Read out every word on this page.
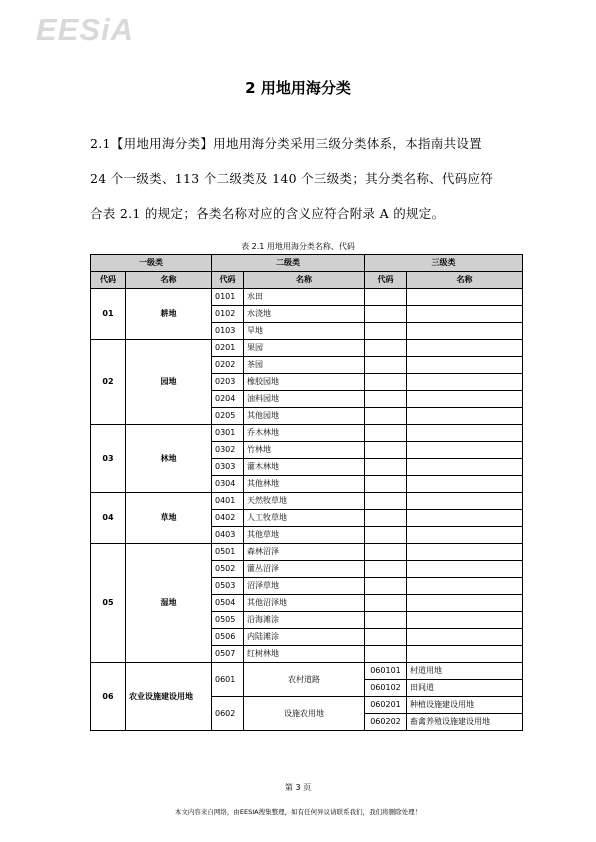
EESiA
2 用地用海分类
2.1【用地用海分类】用地用海分类采用三级分类体系，本指南共设置
24 个一级类、113 个二级类及 140 个三级类；其分类名称、代码应符
合表 2.1 的规定；各类名称对应的含义应符合附录 A 的规定。
表 2.1 用地用海分类名称、代码
一级类		二级类		三级类	
代码	名称	代码	名称	代码	名称
01	耕地	0101	水田		
		0102	水浇地		
		0103	旱地		
02	园地	0201	果园		
		0202	茶园		
		0203	橡胶园地		
		0204	油料园地		
		0205	其他园地		
03	林地	0301	乔木林地		
		0302	竹林地		
		0303	灌木林地		
		0304	其他林地		
04	草地	0401	天然牧草地		
		0402	人工牧草地		
		0403	其他草地		
05	湿地	0501	森林沼泽		
		0502	灌丛沼泽		
		0503	沼泽草地		
		0504	其他沼泽地		
		0505	沿海滩涂		
		0506	内陆滩涂		
		0507	红树林地		
06	农业设施建设用地	0601	农村道路	060101	村道用地
				060102	田间道
		0602	设施农用地	060201	种植设施建设用地
				060202	畜禽养殖设施建设用地
第 3 页
本文内容来自网络，由EESIA搜集整理，如有任何异议请联系我们，我们将删除处理！
